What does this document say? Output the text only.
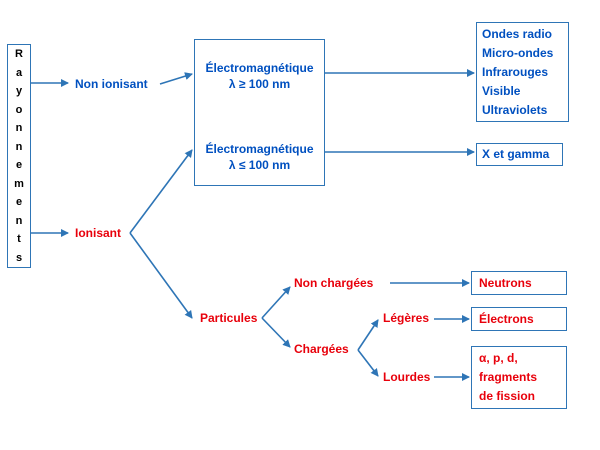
R
a
y
o
n
n
e
m
e
n
t
s
Non ionisant
Ionisant
Électromagnétique
λ ≥ 100 nm
Électromagnétique
λ ≤ 100 nm
Particules
Non chargées
Chargées
Légères
Lourdes
Ondes radio
Micro-ondes
Infrarouges
Visible
Ultraviolets
X et gamma
Neutrons
Électrons
α, p, d,
fragments
de fission
